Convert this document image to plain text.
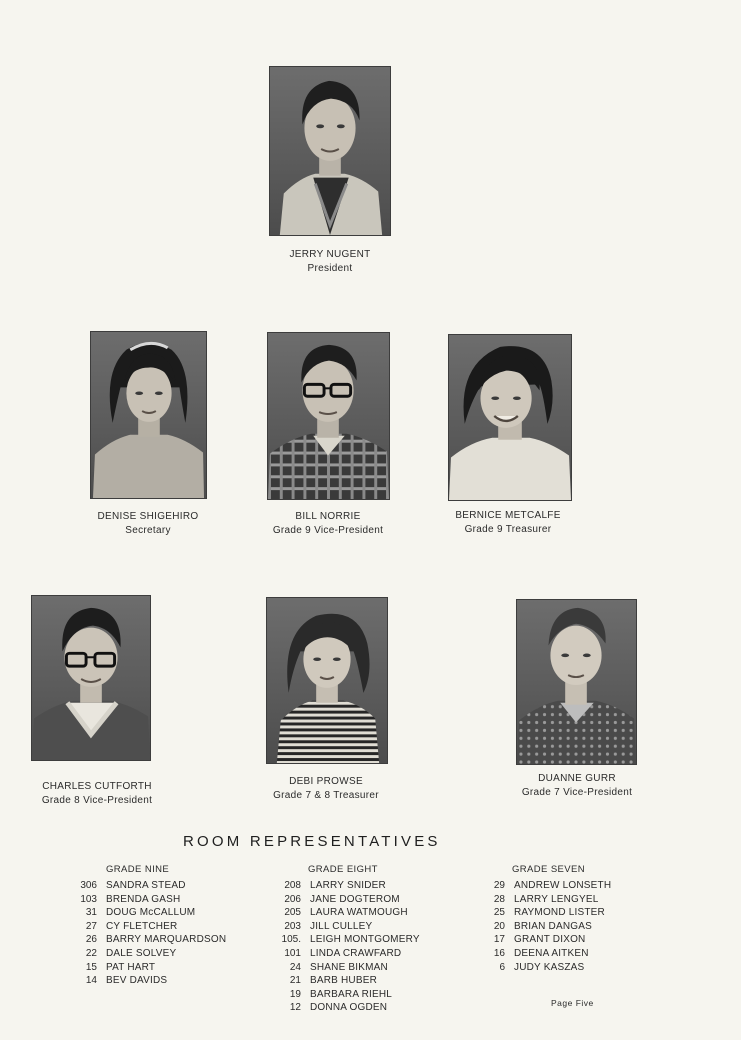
JERRY NUGENT
President
DENISE SHIGEHIRO
Secretary
BILL NORRIE
Grade 9 Vice-President
BERNICE METCALFE
Grade 9 Treasurer
CHARLES CUTFORTH
Grade 8 Vice-President
DEBI PROWSE
Grade 7 & 8 Treasurer
DUANNE GURR
Grade 7 Vice-President
ROOM REPRESENTATIVES
GRADE NINE
306 SANDRA STEAD
103 BRENDA GASH
31 DOUG McCALLUM
27 CY FLETCHER
26 BARRY MARQUARDSON
22 DALE SOLVEY
15 PAT HART
14 BEV DAVIDS
GRADE EIGHT
208 LARRY SNIDER
206 JANE DOGTEROM
205 LAURA WATMOUGH
203 JILL CULLEY
105. LEIGH MONTGOMERY
101 LINDA CRAWFARD
24 SHANE BIKMAN
21 BARB HUBER
19 BARBARA RIEHL
12 DONNA OGDEN
GRADE SEVEN
29 ANDREW LONSETH
28 LARRY LENGYEL
25 RAYMOND LISTER
20 BRIAN DANGAS
17 GRANT DIXON
16 DEENA AITKEN
6 JUDY KASZAS
Page Five
